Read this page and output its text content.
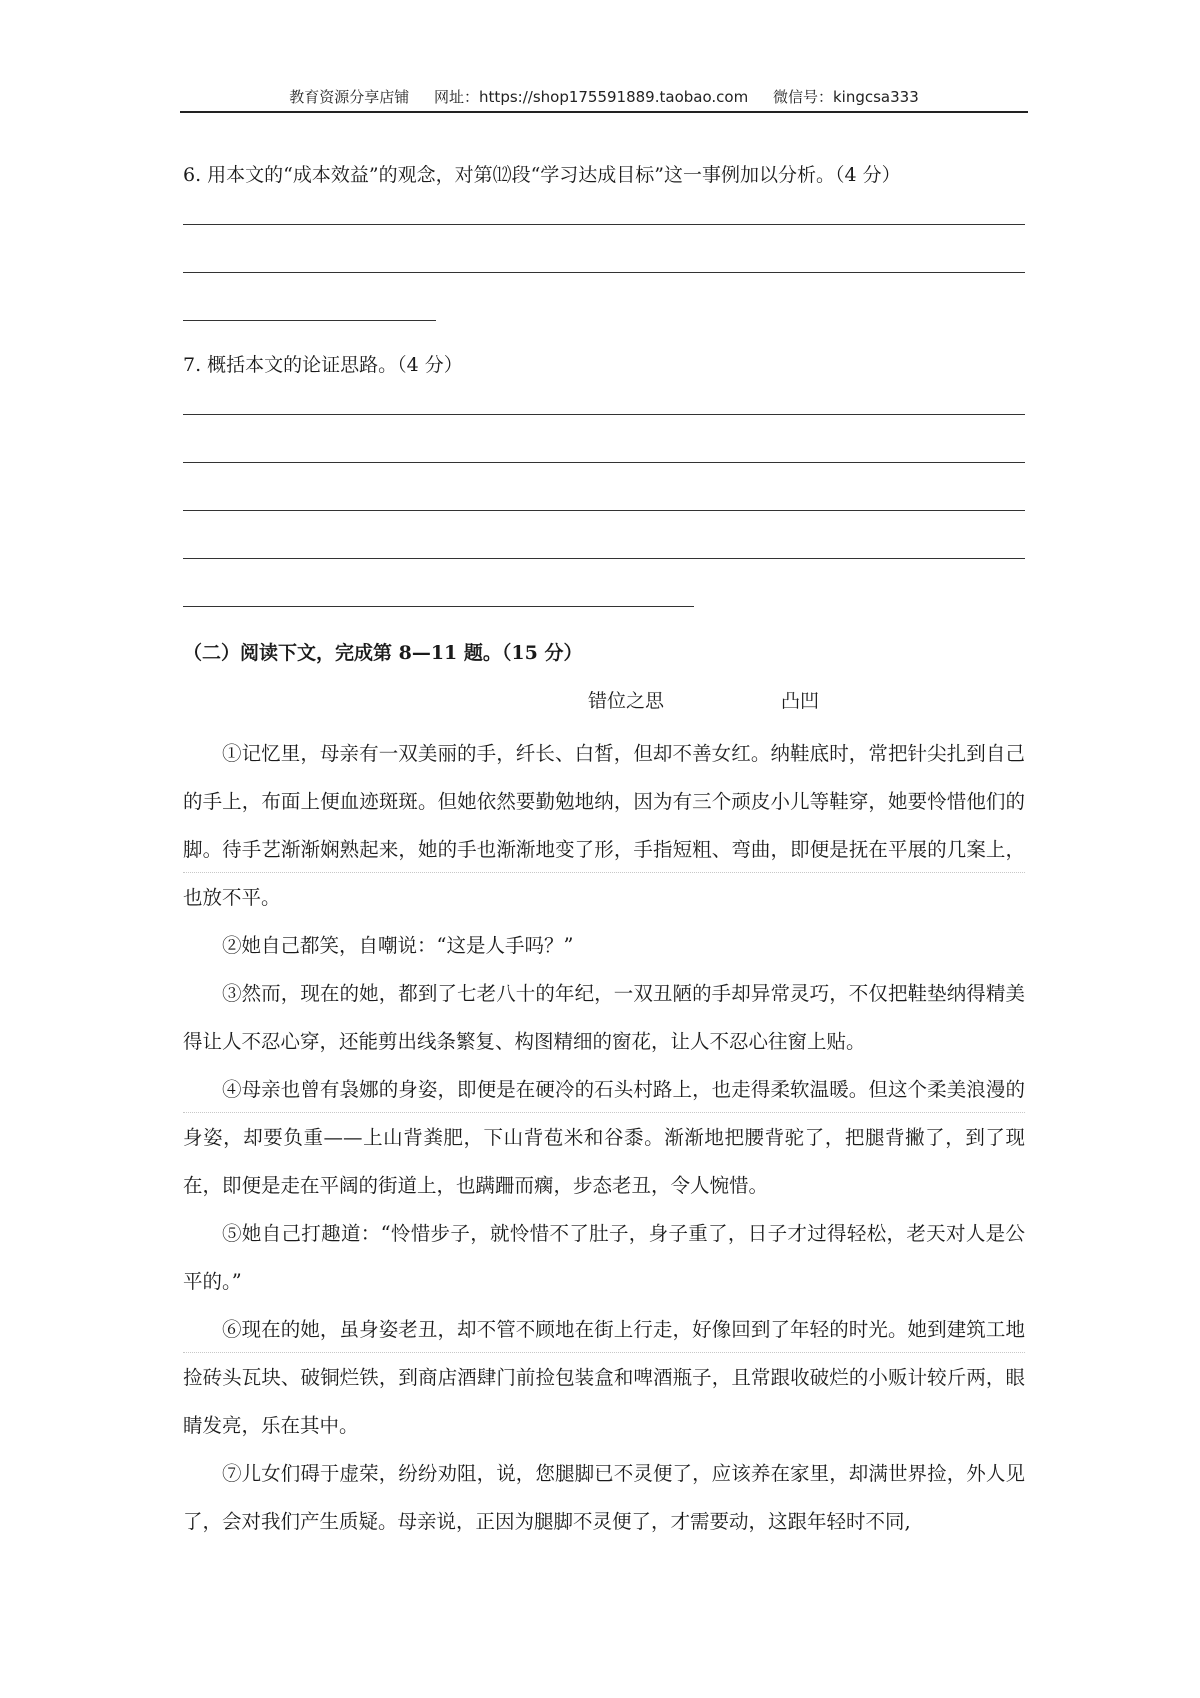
教育资源分享店铺 网址：https://shop175591889.taobao.com 微信号：kingcsa333
6. 用本文的“成本效益”的观念，对第⑿段“学习达成目标”这一事例加以分析。（4 分）
7. 概括本文的论证思路。（4 分）
（二）阅读下文，完成第 8—11 题。（15 分）
错位之思	凸凹
①记忆里，母亲有一双美丽的手，纤长、白皙，但却不善女红。纳鞋底时，常把针尖扎到自己的手上，布面上便血迹斑斑。但她依然要勤勉地纳，因为有三个顽皮小儿等鞋穿，她要怜惜他们的脚。待手艺渐渐娴熟起来，她的手也渐渐地变了形，手指短粗、弯曲，即便是抚在平展的几案上，也放不平。
②她自己都笑，自嘲说：“这是人手吗？”
③然而，现在的她，都到了七老八十的年纪，一双丑陋的手却异常灵巧，不仅把鞋垫纳得精美得让人不忍心穿，还能剪出线条繁复、构图精细的窗花，让人不忍心往窗上贴。
④母亲也曾有袅娜的身姿，即便是在硬冷的石头村路上，也走得柔软温暖。但这个柔美浪漫的身姿，却要负重——上山背粪肥，下山背苞米和谷黍。渐渐地把腰背驼了，把腿背撇了，到了现在，即便是走在平阔的街道上，也蹒跚而瘸，步态老丑，令人惋惜。
⑤她自己打趣道：“怜惜步子，就怜惜不了肚子，身子重了，日子才过得轻松，老天对人是公平的。”
⑥现在的她，虽身姿老丑，却不管不顾地在街上行走，好像回到了年轻的时光。她到建筑工地捡砖头瓦块、破铜烂铁，到商店酒肆门前捡包装盒和啤酒瓶子，且常跟收破烂的小贩计较斤两，眼睛发亮，乐在其中。
⑦儿女们碍于虚荣，纷纷劝阻，说，您腿脚已不灵便了，应该养在家里，却满世界捡，外人见了，会对我们产生质疑。母亲说，正因为腿脚不灵便了，才需要动，这跟年轻时不同,
